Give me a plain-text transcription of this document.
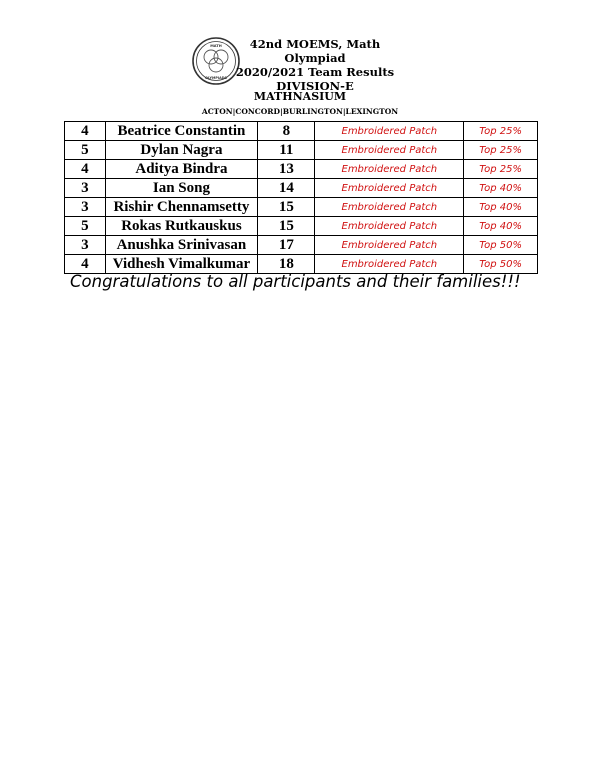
MATH
OLYMPIADS
42nd MOEMS, Math Olympiad
2020/2021 Team Results
DIVISION-E
MATHNASIUM
ACTON|CONCORD|BURLINGTON|LEXINGTON
4	Beatrice Constantin	8	Embroidered Patch	Top 25%
5	Dylan Nagra	11	Embroidered Patch	Top 25%
4	Aditya Bindra	13	Embroidered Patch	Top 25%
3	Ian Song	14	Embroidered Patch	Top 40%
3	Rishir Chennamsetty	15	Embroidered Patch	Top 40%
5	Rokas Rutkauskus	15	Embroidered Patch	Top 40%
3	Anushka Srinivasan	17	Embroidered Patch	Top 50%
4	Vidhesh Vimalkumar	18	Embroidered Patch	Top 50%
Congratulations to all participants and their families!!!
